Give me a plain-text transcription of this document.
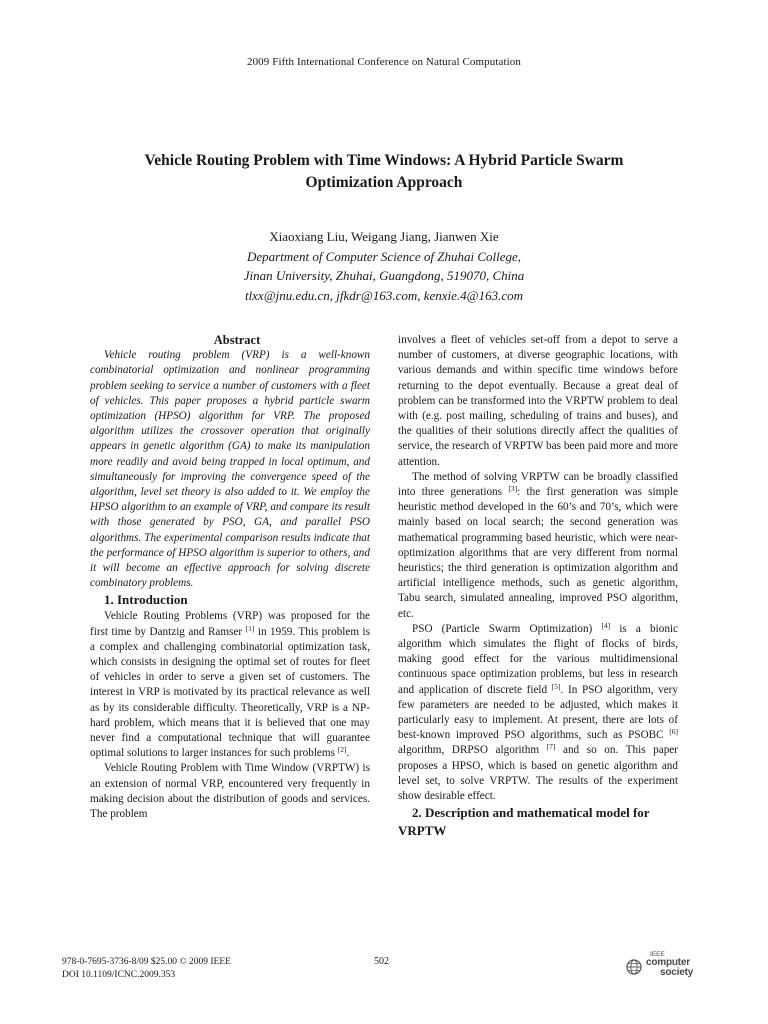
2009 Fifth International Conference on Natural Computation
Vehicle Routing Problem with Time Windows: A Hybrid Particle Swarm
Optimization Approach
Xiaoxiang Liu, Weigang Jiang, Jianwen Xie
Department of Computer Science of Zhuhai College,
Jinan University, Zhuhai, Guangdong, 519070, China
tlxx@jnu.edu.cn, jfkdr@163.com, kenxie.4@163.com

Abstract

Vehicle routing problem (VRP) is a well-known combinatorial optimization and nonlinear programming problem seeking to service a number of customers with a fleet of vehicles. This paper proposes a hybrid particle swarm optimization (HPSO) algorithm for VRP. The proposed algorithm utilizes the crossover operation that originally appears in genetic algorithm (GA) to make its manipulation more readily and avoid being trapped in local optimum, and simultaneously for improving the convergence speed of the algorithm, level set theory is also added to it. We employ the HPSO algorithm to an example of VRP, and compare its result with those generated by PSO, GA, and parallel PSO algorithms. The experimental comparison results indicate that the performance of HPSO algorithm is superior to others, and it will become an effective approach for solving discrete combinatory problems.

1. Introduction

Vehicle Routing Problems (VRP) was proposed for the first time by Dantzig and Ramser [1] in 1959. This problem is a complex and challenging combinatorial optimization task, which consists in designing the optimal set of routes for fleet of vehicles in order to serve a given set of customers. The interest in VRP is motivated by its practical relevance as well as by its considerable difficulty. Theoretically, VRP is a NP-hard problem, which means that it is believed that one may never find a computational technique that will guarantee optimal solutions to larger instances for such problems [2].

Vehicle Routing Problem with Time Window (VRPTW) is an extension of normal VRP, encountered very frequently in making decision about the distribution of goods and services. The problem

involves a fleet of vehicles set-off from a depot to serve a number of customers, at diverse geographic locations, with various demands and within specific time windows before returning to the depot eventually. Because a great deal of problem can be transformed into the VRPTW problem to deal with (e.g. post mailing, scheduling of trains and buses), and the qualities of their solutions directly affect the qualities of service, the research of VRPTW bas been paid more and more attention.

The method of solving VRPTW can be broadly classified into three generations [3]: the first generation was simple heuristic method developed in the 60’s and 70’s, which were mainly based on local search; the second generation was mathematical programming based heuristic, which were near-optimization algorithms that are very different from normal heuristics; the third generation is optimization algorithm and artificial intelligence methods, such as genetic algorithm, Tabu search, simulated annealing, improved PSO algorithm, etc.

PSO (Particle Swarm Optimization) [4] is a bionic algorithm which simulates the flight of flocks of birds, making good effect for the various multidimensional continuous space optimization problems, but less in research and application of discrete field [5]. In PSO algorithm, very few parameters are needed to be adjusted, which makes it particularly easy to implement. At present, there are lots of best-known improved PSO algorithms, such as PSOBC [6] algorithm, DRPSO algorithm [7] and so on. This paper proposes a HPSO, which is based on genetic algorithm and level set, to solve VRPTW. The results of the experiment show desirable effect.

2. Description and mathematical model for
VRPTW

978-0-7695-3736-8/09 $25.00 © 2009 IEEE
DOI 10.1109/ICNC.2009.353
502
IEEE
computer
society
